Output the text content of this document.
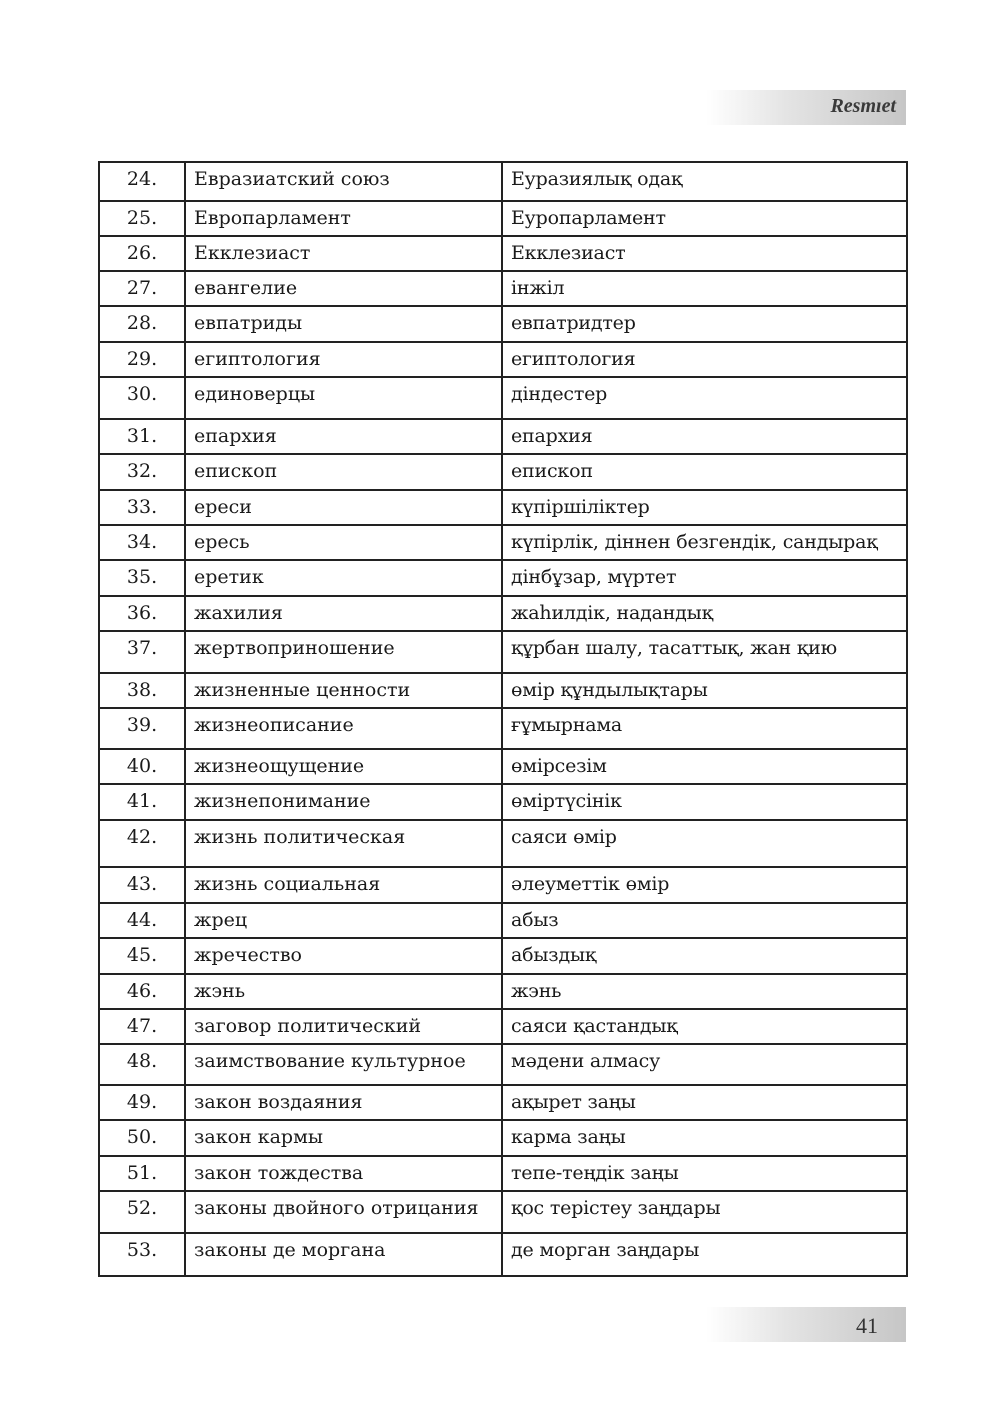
Resmıet
24.	Евразиатский союз	Еуразиялық одақ

25.	Европарламент	Еуропарламент

26.	Екклезиаст	Екклезиаст

27.	евангелие	інжіл

28.	евпатриды	евпатридтер

29.	египтология	египтология

30.	единоверцы	діндестер

31.	епархия	епархия

32.	епископ	епископ

33.	ереси	күпіршіліктер

34.	ересь	күпірлік, діннен безгендік, сандырақ

35.	еретик	дінбұзар, мүртет

36.	жахилия	жаһилдік, надандық

37.	жертвоприношение	құрбан шалу, тасаттық, жан қию

38.	жизненные ценности	өмір құндылықтары

39.	жизнеописание	ғұмырнама

40.	жизнеощущение	өмірсезім

41.	жизнепонимание	өміртүсінік

42.	жизнь политическая	саяси өмір

43.	жизнь социальная	әлеуметтік өмір

44.	жрец	абыз

45.	жречество	абыздық

46.	жэнь	жэнь

47.	заговор политический	саяси қастандық

48.	заимствование культурное	мәдени алмасу

49.	закон воздаяния	ақырет заңы

50.	закон кармы	карма заңы

51.	закон тождества	тепе-теңдік заңы

52.	законы двойного отрицания	қос терістеу заңдары

53.	законы де моргана	де морган заңдары
41
